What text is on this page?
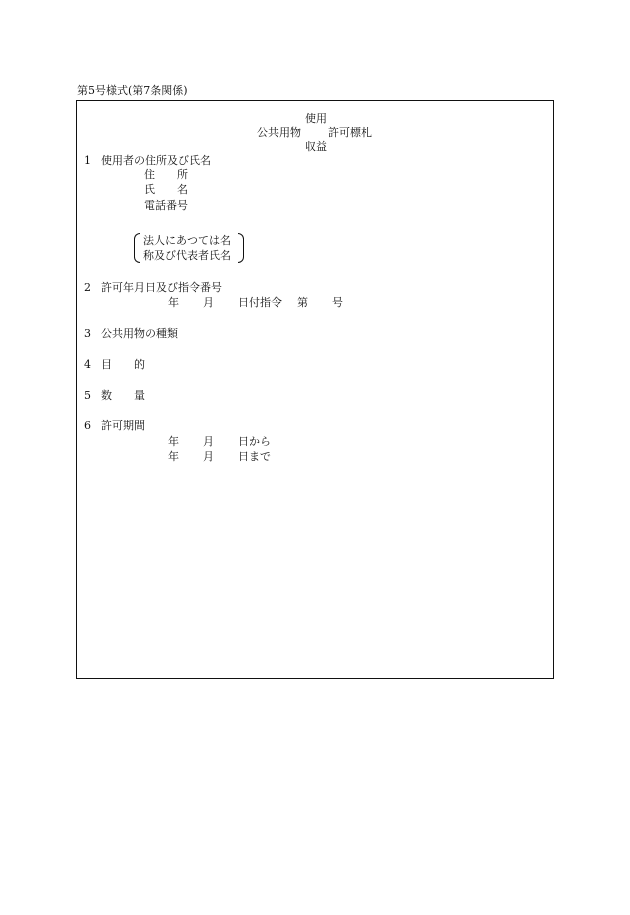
第5号様式(第7条関係)
使用
公共用物 許可標札
収益
1 使用者の住所及び氏名
住　　所
氏　　名
電話番号
法人にあつては名
称及び代表者氏名
2 許可年月日及び指令番号
年 月 日付指令 第 号
3 公共用物の種類
4 目　　的
5 数　　量
6 許可期間
年 月 日から
年 月 日まで
